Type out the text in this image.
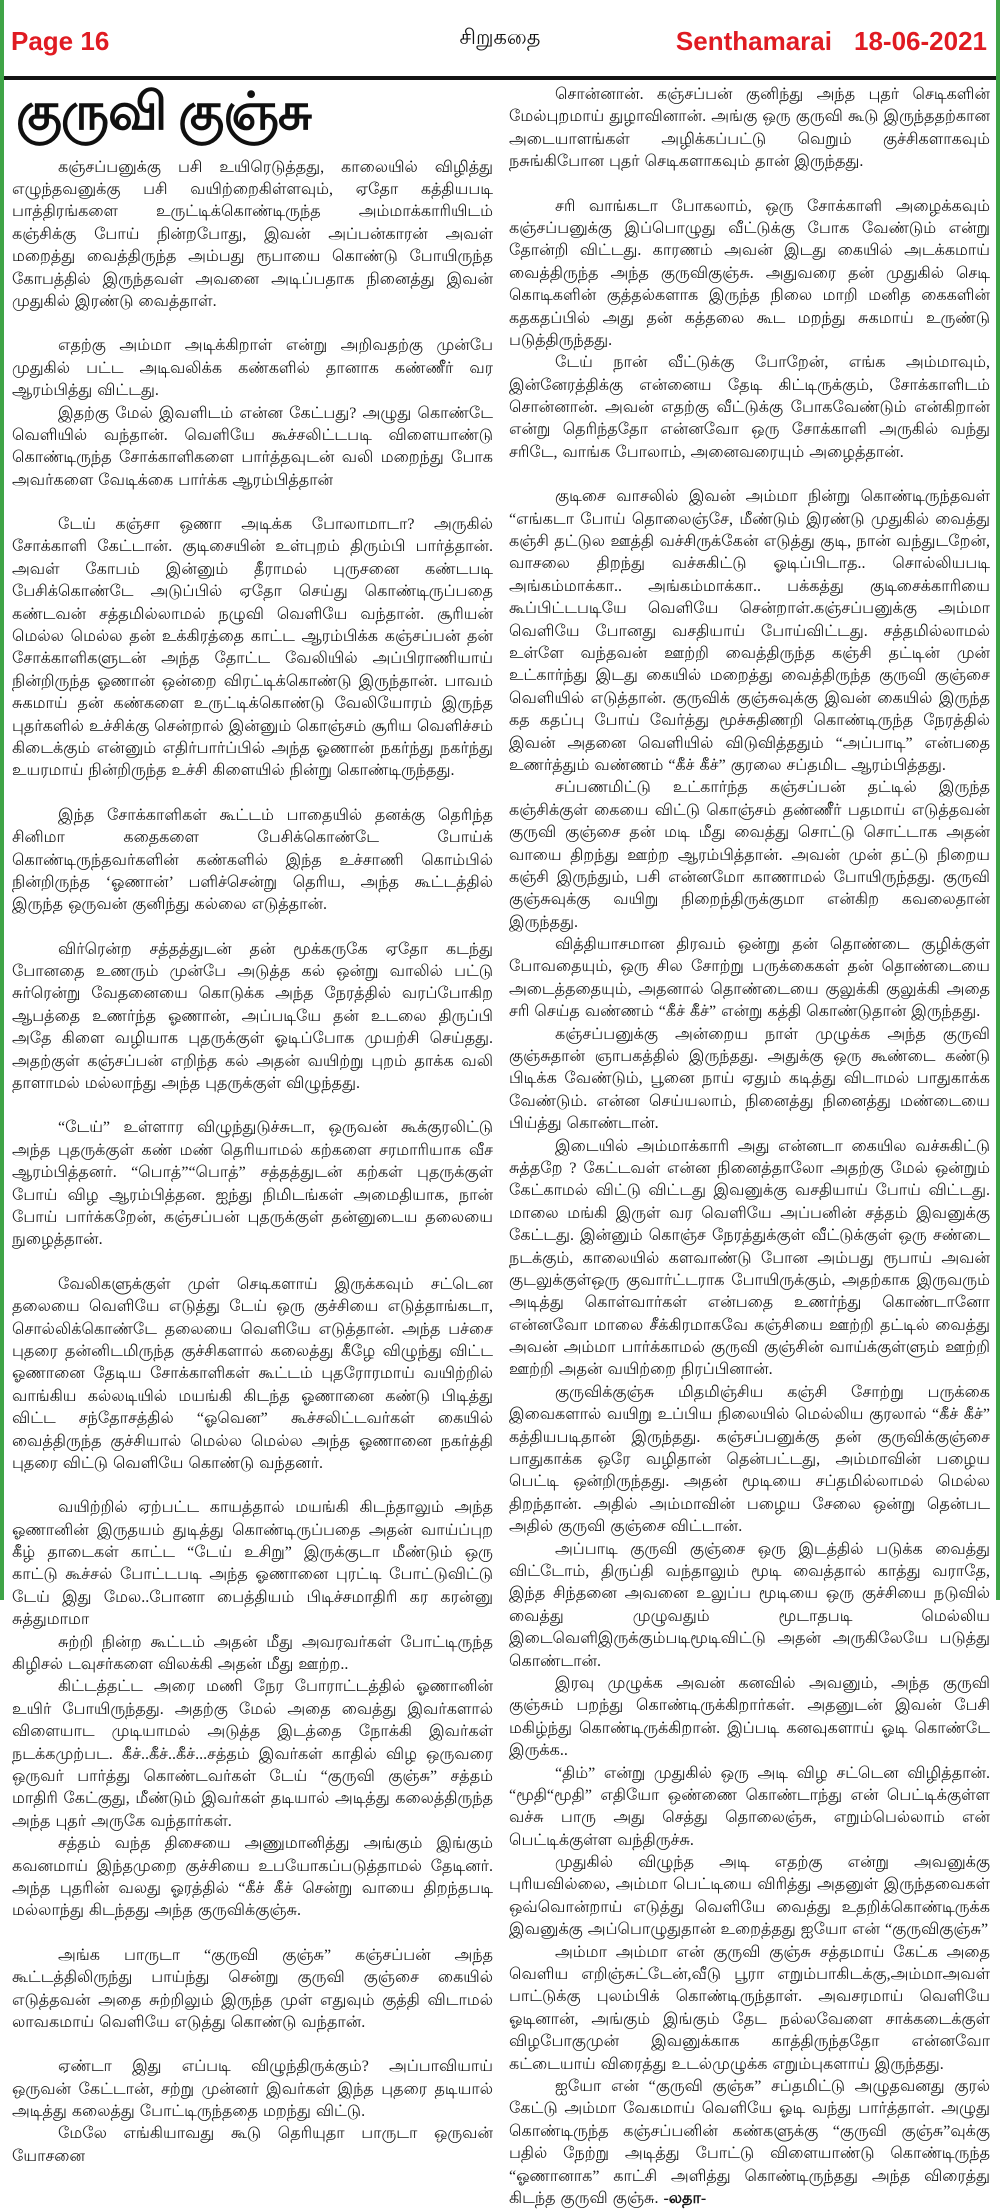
Page 16	சிறுகதை	Senthamarai 18-06-2021
குருவி குஞ்சு

கஞ்சப்பனுக்கு பசி உயிரெடுத்தது, காலையில் விழித்து எழுந்தவனுக்கு பசி வயிற்றைகிள்ளவும், ஏதோ கத்தியபடி பாத்திரங்களை உருட்டிக்கொண்டிருந்த அம்மாக்காரியிடம் கஞ்சிக்கு போய் நின்றபோது, இவன் அப்பன்காரன் அவள் மறைத்து வைத்திருந்த அம்பது ரூபாயை கொண்டு போயிருந்த கோபத்தில் இருந்தவள் அவனை அடிப்பதாக நினைத்து இவன் முதுகில் இரண்டு வைத்தாள்.

எதற்கு அம்மா அடிக்கிறாள் என்று அறிவதற்கு முன்பே முதுகில் பட்ட அடிவலிக்க கண்களில் தானாக கண்ணீர் வர ஆரம்பித்து விட்டது.

இதற்கு மேல் இவளிடம் என்ன கேட்பது? அழுது கொண்டே வெளியில் வந்தான். வெளியே கூச்சலிட்டபடி விளையாண்டு கொண்டிருந்த சோக்காளிகளை பார்த்தவுடன் வலி மறைந்து போக அவர்களை வேடிக்கை பார்க்க ஆரம்பித்தான்

டேய் கஞ்சா ஒணா அடிக்க போலாமாடா? அருகில் சோக்காளி கேட்டான். குடிசையின் உள்புறம் திரும்பி பார்த்தான். அவள் கோபம் இன்னும் தீராமல் புருசனை கண்டபடி பேசிக்கொண்டே அடுப்பில் ஏதோ செய்து கொண்டிருப்பதை கண்டவன் சத்தமில்லாமல் நழுவி வெளியே வந்தான். சூரியன் மெல்ல மெல்ல தன் உக்கிரத்தை காட்ட ஆரம்பிக்க கஞ்சப்பன் தன் சோக்காளிகளுடன் அந்த தோட்ட வேலியில் அப்பிராணியாய் நின்றிருந்த ஓணான் ஒன்றை விரட்டிக்கொண்டு இருந்தான். பாவம் சுகமாய் தன் கண்களை உருட்டிக்கொண்டு வேலியோரம் இருந்த புதர்களில் உச்சிக்கு சென்றால் இன்னும் கொஞ்சம் சூரிய வெளிச்சம் கிடைக்கும் என்னும் எதிர்பார்ப்பில் அந்த ஓணான் நகர்ந்து நகர்ந்து உயரமாய் நின்றிருந்த உச்சி கிளையில் நின்று கொண்டிருந்தது.

இந்த சோக்காளிகள் கூட்டம் பாதையில் தனக்கு தெரிந்த சினிமா கதைகளை பேசிக்கொண்டே போய்க் கொண்டிருந்தவர்களின் கண்களில் இந்த உச்சாணி கொம்பில் நின்றிருந்த ‘ஓணான்’ பளிச்சென்று தெரிய, அந்த கூட்டத்தில் இருந்த ஒருவன் குனிந்து கல்லை எடுத்தான்.

விர்ரென்ற சத்தத்துடன் தன் மூக்கருகே ஏதோ கடந்து போனதை உணரும் முன்பே அடுத்த கல் ஒன்று வாலில் பட்டு சுர்ரென்று வேதனையை கொடுக்க அந்த நேரத்தில் வரப்போகிற ஆபத்தை உணர்ந்த ஓணான், அப்படியே தன் உடலை திருப்பி அதே கிளை வழியாக புதருக்குள் ஓடிப்போக முயற்சி செய்தது. அதற்குள் கஞ்சப்பன் எறிந்த கல் அதன் வயிற்று புறம் தாக்க வலி தாளாமல் மல்லாந்து அந்த புதருக்குள் விழுந்தது.

“டேய்” உள்ளார விழுந்துடுச்சுடா, ஒருவன் கூக்குரலிட்டு அந்த புதருக்குள் கண் மண் தெரியாமல் கற்களை சரமாரியாக வீச ஆரம்பித்தனர். “பொத்”“பொத்” சத்தத்துடன் கற்கள் புதருக்குள் போய் விழ ஆரம்பித்தன. ஐந்து நிமிடங்கள் அமைதியாக, நான் போய் பார்க்கறேன், கஞ்சப்பன் புதருக்குள் தன்னுடைய தலையை நுழைத்தான்.

வேலிகளுக்குள் முள் செடிகளாய் இருக்கவும் சட்டென தலையை வெளியே எடுத்து டேய் ஒரு குச்சியை எடுத்தாங்கடா, சொல்லிக்கொண்டே தலையை வெளியே எடுத்தான். அந்த பச்சை புதரை தன்னிடமிருந்த குச்சிகளால் கலைத்து கீழே விழுந்து விட்ட ஓணானை தேடிய சோக்காளிகள் கூட்டம் புதரோரமாய் வயிற்றில் வாங்கிய கல்லடியில் மயங்கி கிடந்த ஓணானை கண்டு பிடித்து விட்ட சந்தோசத்தில் “ஓவென” கூச்சலிட்டவர்கள் கையில் வைத்திருந்த குச்சியால் மெல்ல மெல்ல அந்த ஓணானை நகர்த்தி புதரை விட்டு வெளியே கொண்டு வந்தனர்.

வயிற்றில் ஏற்பட்ட காயத்தால் மயங்கி கிடந்தாலும் அந்த ஓணானின் இருதயம் துடித்து கொண்டிருப்பதை அதன் வாய்ப்புற கீழ் தாடைகள் காட்ட “டேய் உசிறு” இருக்குடா மீண்டும் ஒரு காட்டு கூச்சல் போட்டபடி அந்த ஓணானை புரட்டி போட்டுவிட்டு டேய் இது மேல..போனா பைத்தியம் பிடிச்சமாதிரி கர கரன்னு சுத்துமாமா

சுற்றி நின்ற கூட்டம் அதன் மீது அவரவர்கள் போட்டிருந்த கிழிசல் டவுசர்களை விலக்கி அதன் மீது ஊற்ற..

கிட்டத்தட்ட அரை மணி நேர போராட்டத்தில் ஓணானின் உயிர் போயிருந்தது. அதற்கு மேல் அதை வைத்து இவர்களால் விளையாட முடியாமல் அடுத்த இடத்தை நோக்கி இவர்கள் நடக்கமுற்பட. கீச்..கீச்..கீச்...சத்தம் இவர்கள் காதில் விழ ஒருவரை ஒருவர் பார்த்து கொண்டவர்கள் டேய் “குருவி குஞ்சு” சத்தம் மாதிரி கேட்குது, மீண்டும் இவர்கள் தடியால் அடித்து கலைத்திருந்த அந்த புதர் அருகே வந்தார்கள்.

சத்தம் வந்த திசையை அணுமானித்து அங்கும் இங்கும் கவனமாய் இந்தமுறை குச்சியை உபயோகப்படுத்தாமல் தேடினர். அந்த புதரின் வலது ஓரத்தில் “கீச் கீச் சென்று வாயை திறந்தபடி மல்லாந்து கிடந்தது அந்த குருவிக்குஞ்சு.

அங்க பாருடா “குருவி குஞ்சு” கஞ்சப்பன் அந்த கூட்டத்திலிருந்து பாய்ந்து சென்று குருவி குஞ்சை கையில் எடுத்தவன் அதை சுற்றிலும் இருந்த முள் எதுவும் குத்தி விடாமல் லாவகமாய் வெளியே எடுத்து கொண்டு வந்தான்.

ஏண்டா இது எப்படி விழுந்திருக்கும்? அப்பாவியாய் ஒருவன் கேட்டான், சற்று முன்னர் இவர்கள் இந்த புதரை தடியால் அடித்து கலைத்து போட்டிருந்ததை மறந்து விட்டு.

மேலே எங்கியாவது கூடு தெரியுதா பாருடா ஒருவன் யோசனை

சொன்னான். கஞ்சப்பன் குனிந்து அந்த புதர் செடிகளின் மேல்புறமாய் துழாவினான். அங்கு ஒரு குருவி கூடு இருந்ததற்கான அடையாளங்கள் அழிக்கப்பட்டு வெறும் குச்சிகளாகவும் நசுங்கிபோன புதர் செடிகளாகவும் தான் இருந்தது.

சரி வாங்கடா போகலாம், ஒரு சோக்காளி அழைக்கவும் கஞ்சப்பனுக்கு இப்பொழுது வீட்டுக்கு போக வேண்டும் என்று தோன்றி விட்டது. காரணம் அவன் இடது கையில் அடக்கமாய் வைத்திருந்த அந்த குருவிகுஞ்சு. அதுவரை தன் முதுகில் செடி கொடிகளின் குத்தல்களாக இருந்த நிலை மாறி மனித கைகளின் கதகதப்பில் அது தன் கத்தலை கூட மறந்து சுகமாய் உருண்டு படுத்திருந்தது.

டேய் நான் வீட்டுக்கு போறேன், எங்க அம்மாவும், இன்னேரத்திக்கு என்னைய தேடி கிட்டிருக்கும், சோக்காளிடம் சொன்னான். அவன் எதற்கு வீட்டுக்கு போகவேண்டும் என்கிறான் என்று தெரிந்ததோ என்னவோ ஒரு சோக்காளி அருகில் வந்து சரிடே, வாங்க போலாம், அனைவரையும் அழைத்தான்.

குடிசை வாசலில் இவன் அம்மா நின்று கொண்டிருந்தவள் “எங்கடா போய் தொலைஞ்சே, மீண்டும் இரண்டு முதுகில் வைத்து கஞ்சி தட்டுல ஊத்தி வச்சிருக்கேன் எடுத்து குடி, நான் வந்துடறேன், வாசலை திறந்து வச்சுகிட்டு ஓடிப்பிடாத.. சொல்லியபடி அங்கம்மாக்கா.. அங்கம்மாக்கா.. பக்கத்து குடிசைக்காரியை கூப்பிட்டபடியே வெளியே சென்றாள்.கஞ்சப்பனுக்கு அம்மா வெளியே போனது வசதியாய் போய்விட்டது. சத்தமில்லாமல் உள்ளே வந்தவன் ஊற்றி வைத்திருந்த கஞ்சி தட்டின் முன் உட்கார்ந்து இடது கையில் மறைத்து வைத்திருந்த குருவி குஞ்சை வெளியில் எடுத்தான். குருவிக் குஞ்சுவுக்கு இவன் கையில் இருந்த கத கதப்பு போய் வேர்த்து மூச்சுதிணறி கொண்டிருந்த நேரத்தில் இவன் அதனை வெளியில் விடுவித்ததும் “அப்பாடி” என்பதை உணர்த்தும் வண்ணம் “கீச் கீச்” குரலை சப்தமிட ஆரம்பித்தது.

சப்பணமிட்டு உட்கார்ந்த கஞ்சப்பன் தட்டில் இருந்த கஞ்சிக்குள் கையை விட்டு கொஞ்சம் தண்ணீர் பதமாய் எடுத்தவன் குருவி குஞ்சை தன் மடி மீது வைத்து சொட்டு சொட்டாக அதன் வாயை திறந்து ஊற்ற ஆரம்பித்தான். அவன் முன் தட்டு நிறைய கஞ்சி இருந்தும், பசி என்னமோ காணாமல் போயிருந்தது. குருவி குஞ்சுவுக்கு வயிறு நிறைந்திருக்குமா என்கிற கவலைதான் இருந்தது.

வித்தியாசமான திரவம் ஒன்று தன் தொண்டை குழிக்குள் போவதையும், ஒரு சில சோற்று பருக்கைகள் தன் தொண்டையை அடைத்ததையும், அதனால் தொண்டையை குலுக்கி குலுக்கி அதை சரி செய்த வண்ணம் “கீச் கீச்” என்று கத்தி கொண்டுதான் இருந்தது.

கஞ்சப்பனுக்கு அன்றைய நாள் முழுக்க அந்த குருவி குஞ்சுதான் ஞாபகத்தில் இருந்தது. அதுக்கு ஒரு கூண்டை கண்டு பிடிக்க வேண்டும், பூனை நாய் ஏதும் கடித்து விடாமல் பாதுகாக்க வேண்டும். என்ன செய்யலாம், நினைத்து நினைத்து மண்டையை பிய்த்து கொண்டான்.

இடையில் அம்மாக்காரி அது என்னடா கையில வச்சுகிட்டு சுத்தறே ? கேட்டவள் என்ன நினைத்தாலோ அதற்கு மேல் ஒன்றும் கேட்காமல் விட்டு விட்டது இவனுக்கு வசதியாய் போய் விட்டது. மாலை மங்கி இருள் வர வெளியே அப்பனின் சத்தம் இவனுக்கு கேட்டது. இன்னும் கொஞ்ச நேரத்துக்குள் வீட்டுக்குள் ஒரு சண்டை நடக்கும், காலையில் களவாண்டு போன அம்பது ரூபாய் அவன் குடலுக்குள்ஒரு குவார்ட்டராக போயிருக்கும், அதற்காக இருவரும் அடித்து கொள்வார்கள் என்பதை உணர்ந்து கொண்டானோ என்னவோ மாலை சீக்கிரமாகவே கஞ்சியை ஊற்றி தட்டில் வைத்து அவன் அம்மா பார்க்காமல் குருவி குஞ்சின் வாய்க்குள்ளும் ஊற்றி ஊற்றி அதன் வயிற்றை நிரப்பினான்.

குருவிக்குஞ்சு மிதமிஞ்சிய கஞ்சி சோற்று பருக்கை இவைகளால் வயிறு உப்பிய நிலையில் மெல்லிய குரலால் “கீச் கீச்” கத்தியபடிதான் இருந்தது. கஞ்சப்பனுக்கு தன் குருவிக்குஞ்சை பாதுகாக்க ஒரே வழிதான் தென்பட்டது, அம்மாவின் பழைய பெட்டி ஒன்றிருந்தது. அதன் மூடியை சப்தமில்லாமல் மெல்ல திறந்தான். அதில் அம்மாவின் பழைய சேலை ஒன்று தென்பட அதில் குருவி குஞ்சை விட்டான்.

அப்பாடி குருவி குஞ்சை ஒரு இடத்தில் படுக்க வைத்து விட்டோம், திருப்தி வந்தாலும் மூடி வைத்தால் காத்து வராதே, இந்த சிந்தனை அவனை உலுப்ப மூடியை ஒரு குச்சியை நடுவில் வைத்து முழுவதும் மூடாதபடி மெல்லிய இடைவெளிஇருக்கும்படிமூடிவிட்டு அதன் அருகிலேயே படுத்து கொண்டான்.

இரவு முழுக்க அவன் கனவில் அவனும், அந்த குருவி குஞ்சும் பறந்து கொண்டிருக்கிறார்கள். அதனுடன் இவன் பேசி மகிழ்ந்து கொண்டிருக்கிறான். இப்படி கனவுகளாய் ஓடி கொண்டே இருக்க..

“திம்” என்று முதுகில் ஒரு அடி விழ சட்டென விழித்தான். “மூதி“மூதி” எதியோ ஒண்ணை கொண்டாந்து என் பெட்டிக்குள்ள வச்சு பாரு அது செத்து தொலைஞ்சு, எறும்பெல்லாம் என் பெட்டிக்குள்ள வந்திருச்சு.

முதுகில் விழுந்த அடி எதற்கு என்று அவனுக்கு புரியவில்லை, அம்மா பெட்டியை விரித்து அதனுள் இருந்தவைகள் ஒவ்வொன்றாய் எடுத்து வெளியே வைத்து உதறிக்கொண்டிருக்க இவனுக்கு அப்பொழுதுதான் உறைத்தது ஐயோ என் “குருவிகுஞ்சு”

அம்மா அம்மா என் குருவி குஞ்சு சத்தமாய் கேட்க அதை வெளிய எறிஞ்சுட்டேன்,வீடு பூரா எறும்பாகிடக்கு,அம்மாஅவள் பாட்டுக்கு புலம்பிக் கொண்டிருந்தாள். அவசரமாய் வெளியே ஓடினான், அங்கும் இங்கும் தேட நல்லவேளை சாக்கடைக்குள் விழபோகுமுன் இவனுக்காக காத்திருந்ததோ என்னவோ கட்டையாய் விரைத்து உடல்முழுக்க எறும்புகளாய் இருந்தது.

ஐயோ என் “குருவி குஞ்சு” சப்தமிட்டு அழுதவனது குரல் கேட்டு அம்மா வேகமாய் வெளியே ஓடி வந்து பார்த்தாள். அழுது கொண்டிருந்த கஞ்சப்பனின் கண்களுக்கு “குருவி குஞ்சு”வுக்கு பதில் நேற்று அடித்து போட்டு விளையாண்டு கொண்டிருந்த “ஓணானாக” காட்சி அளித்து கொண்டிருந்தது அந்த விரைத்து கிடந்த குருவி குஞ்சு. -லதா-
